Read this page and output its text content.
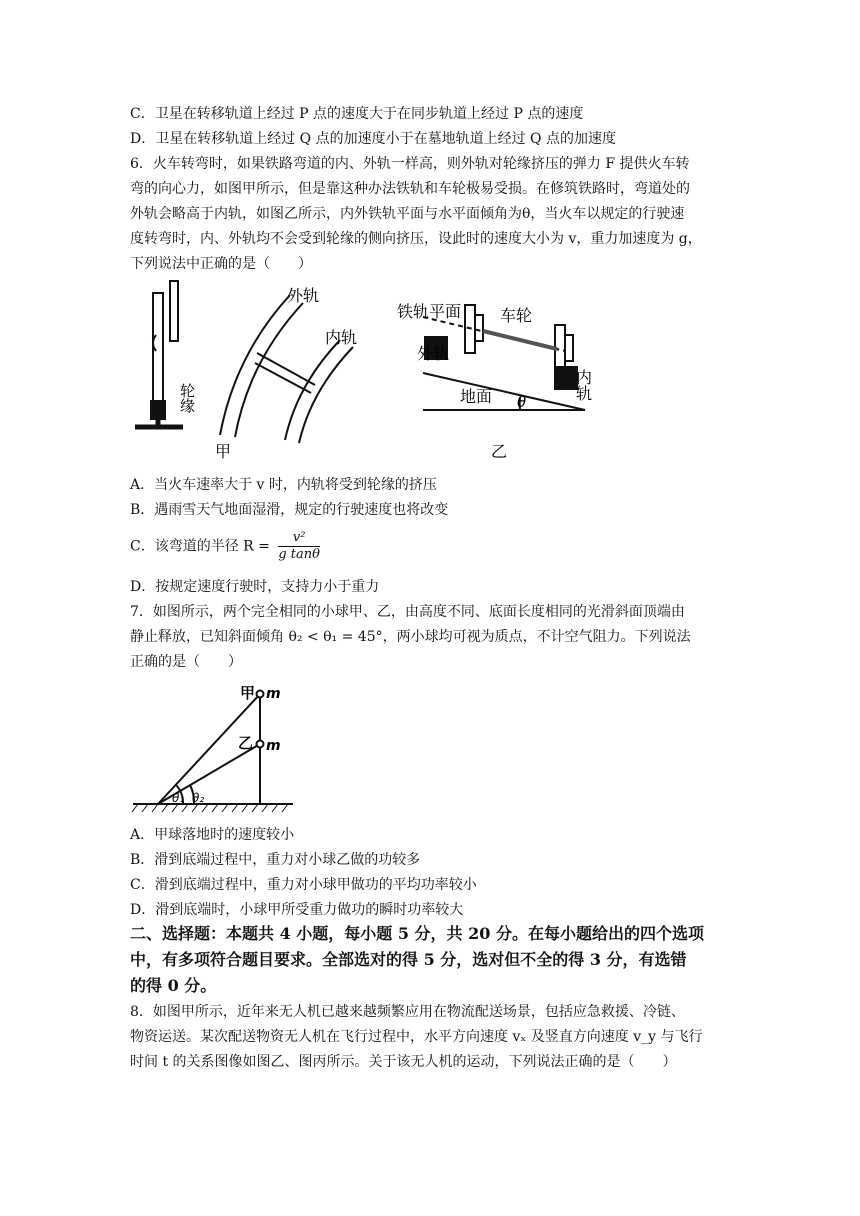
C．卫星在转移轨道上经过 P 点的速度大于在同步轨道上经过 P 点的速度
D．卫星在转移轨道上经过 Q 点的加速度小于在墓地轨道上经过 Q 点的加速度
6．火车转弯时，如果铁路弯道的内、外轨一样高，则外轨对轮缘挤压的弹力 F 提供火车转
弯的向心力，如图甲所示，但是靠这种办法铁轨和车轮极易受损。在修筑铁路时，弯道处的
外轨会略高于内轨，如图乙所示，内外铁轨平面与水平面倾角为θ，当火车以规定的行驶速
度转弯时，内、外轨均不会受到轮缘的侧向挤压，设此时的速度大小为 v，重力加速度为 g，
下列说法中正确的是（　　）
轮缘
外轨
内轨
甲
铁轨平面 车轮
外轨
内轨
地面 θ
乙
A．当火车速率大于 v 时，内轨将受到轮缘的挤压
B．遇雨雪天气地面湿滑，规定的行驶速度也将改变
C．该弯道的半径 $R = \frac{\text{v²}}{\text{g tanθ}}$
D．按规定速度行驶时，支持力小于重力
7．如图所示，两个完全相同的小球甲、乙，由高度不同、底面长度相同的光滑斜面顶端由
静止释放，已知斜面倾角 θ₂ < θ₁ = 45°，两小球均可视为质点，不计空气阻力。下列说法
正确的是（　　）
甲 m
乙 m
θ₁ θ₂
A．甲球落地时的速度较小
B．滑到底端过程中，重力对小球乙做的功较多
C．滑到底端过程中，重力对小球甲做功的平均功率较小
D．滑到底端时，小球甲所受重力做功的瞬时功率较大
二、选择题：本题共 4 小题，每小题 5 分，共 20 分。在每小题给出的四个选项
中，有多项符合题目要求。全部选对的得 5 分，选对但不全的得 3 分，有选错
的得 0 分。
8．如图甲所示，近年来无人机已越来越频繁应用在物流配送场景，包括应急救援、冷链、
物资运送。某次配送物资无人机在飞行过程中，水平方向速度 vₓ 及竖直方向速度 v_y 与飞行
时间 t 的关系图像如图乙、图丙所示。关于该无人机的运动，下列说法正确的是（　　）
